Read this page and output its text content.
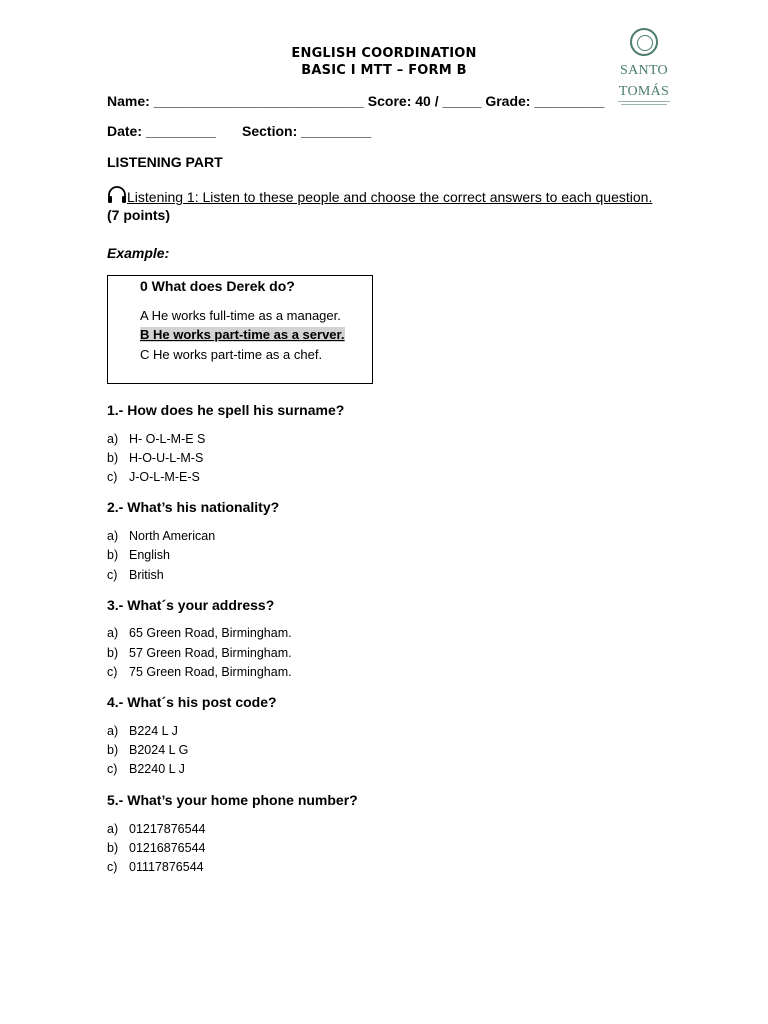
ENGLISH COORDINATION
BASIC I MTT – FORM B	SANTO
TOMÁS
Name: ___________________________ Score: 40 / _____ Grade: _________
Date: _________ Section: _________
LISTENING PART
Listening 1: Listen to these people and choose the correct answers to each question.
(7 points)
Example:
0 What does Derek do?
A He works full-time as a manager.
B He works part-time as a server.
C He works part-time as a chef.
1.- How does he spell his surname?
a) H- O-L-M-E S
b) H-O-U-L-M-S
c) J-O-L-M-E-S
2.- What’s his nationality?
a) North American
b) English
c) British
3.- What´s your address?
a) 65 Green Road, Birmingham.
b) 57 Green Road, Birmingham.
c) 75 Green Road, Birmingham.
4.- What´s his post code?
a) B224 L J
b) B2024 L G
c) B2240 L J
5.- What’s your home phone number?
a) 01217876544
b) 01216876544
c) 01117876544
